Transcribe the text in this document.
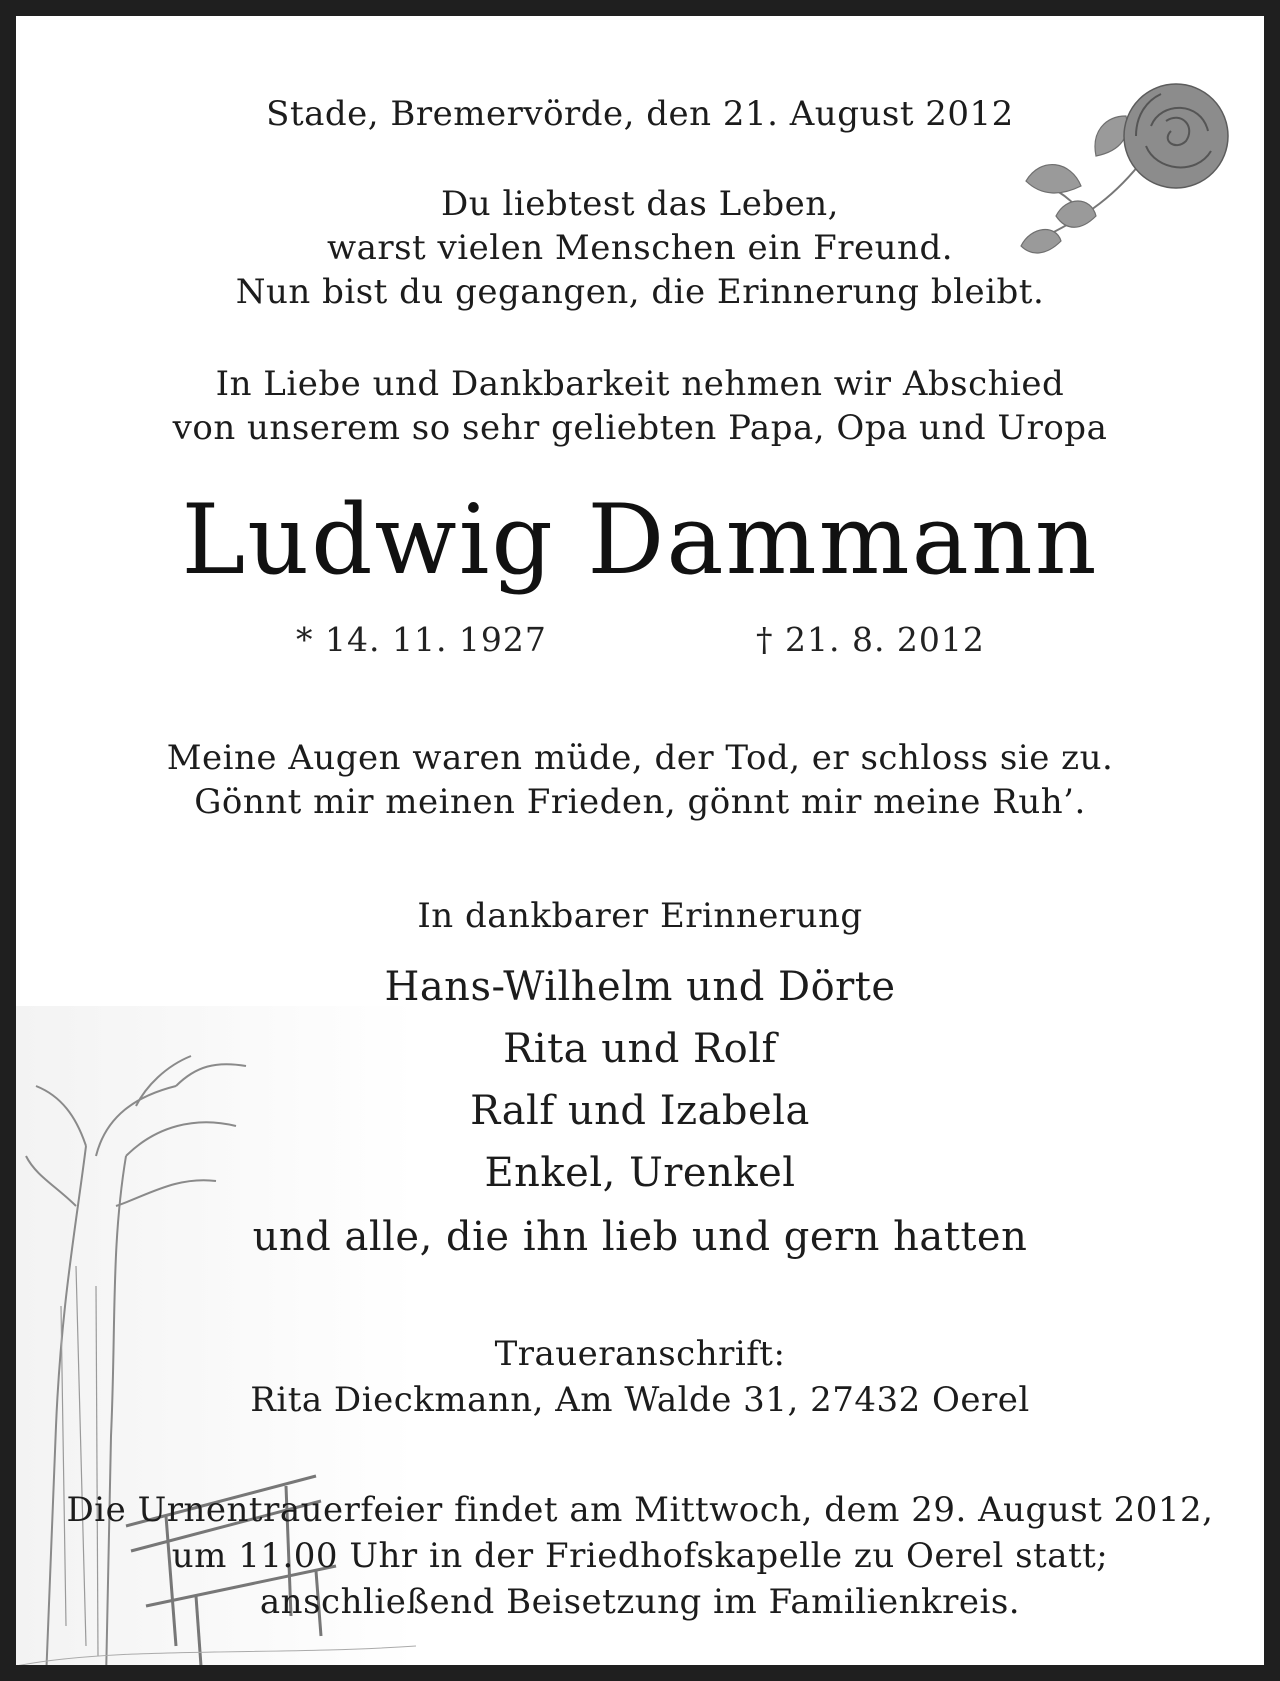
Stade, Bremervörde, den 21. August 2012
Du liebtest das Leben,
warst vielen Menschen ein Freund.
Nun bist du gegangen, die Erinnerung bleibt.
In Liebe und Dankbarkeit nehmen wir Abschied
von unserem so sehr geliebten Papa, Opa und Uropa
Ludwig Dammann
* 14. 11. 1927	† 21. 8. 2012
Meine Augen waren müde, der Tod, er schloss sie zu.
Gönnt mir meinen Frieden, gönnt mir meine Ruh’.
In dankbarer Erinnerung
Hans-Wilhelm und Dörte
Rita und Rolf
Ralf und Izabela
Enkel, Urenkel
und alle, die ihn lieb und gern hatten
Traueranschrift:
Rita Dieckmann, Am Walde 31, 27432 Oerel
Die Urnentrauerfeier findet am Mittwoch, dem 29. August 2012,
um 11.00 Uhr in der Friedhofskapelle zu Oerel statt;
anschließend Beisetzung im Familienkreis.
